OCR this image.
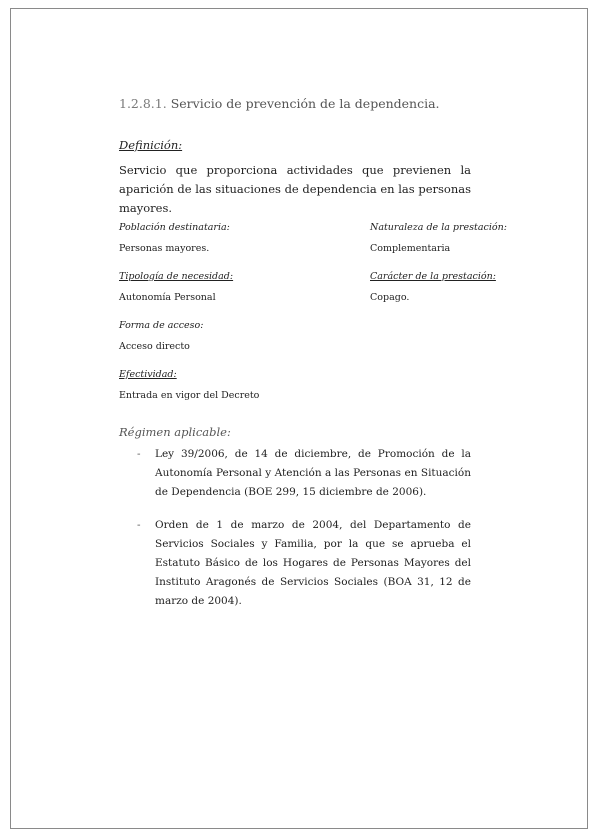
1.2.8.1. Servicio de prevención de la dependencia.
Definición:
Servicio que proporciona actividades que previenen la aparición de las situaciones de dependencia en las personas mayores.
Población destinataria:
Personas mayores.
Naturaleza de la prestación:
Complementaria
Tipología de necesidad:
Autonomía Personal
Carácter de la prestación:
Copago.
Forma de acceso:
Acceso directo
Efectividad:
Entrada en vigor del Decreto
Régimen aplicable:
- Ley 39/2006, de 14 de diciembre, de Promoción de la Autonomía Personal y Atención a las Personas en Situación de Dependencia (BOE 299, 15 diciembre de 2006).
- Orden de 1 de marzo de 2004, del Departamento de Servicios Sociales y Familia, por la que se aprueba el Estatuto Básico de los Hogares de Personas Mayores del Instituto Aragonés de Servicios Sociales (BOA 31, 12 de marzo de 2004).
